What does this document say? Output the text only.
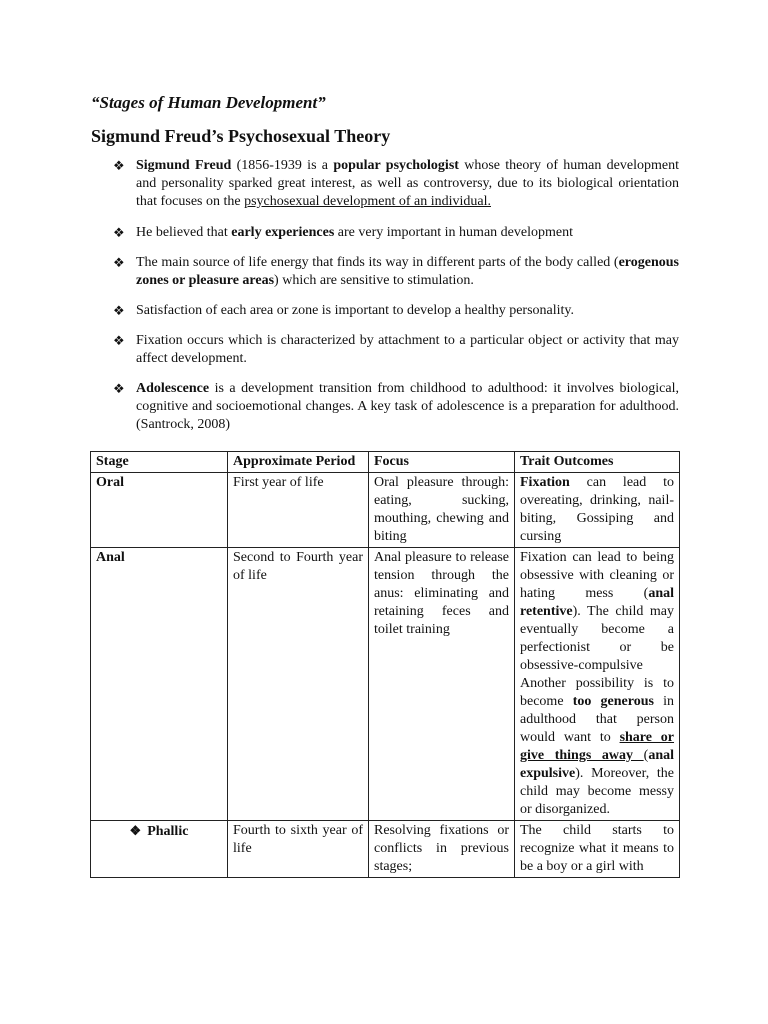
“Stages of Human Development”
Sigmund Freud’s Psychosexual Theory
❖ Sigmund Freud (1856-1939 is a popular psychologist whose theory of human development and personality sparked great interest, as well as controversy, due to its biological orientation that focuses on the psychosexual development of an individual.
❖ He believed that early experiences are very important in human development
❖ The main source of life energy that finds its way in different parts of the body called (erogenous zones or pleasure areas) which are sensitive to stimulation.
❖ Satisfaction of each area or zone is important to develop a healthy personality.
❖ Fixation occurs which is characterized by attachment to a particular object or activity that may affect development.
❖ Adolescence is a development transition from childhood to adulthood: it involves biological, cognitive and socioemotional changes. A key task of adolescence is a preparation for adulthood. (Santrock, 2008)
Stage	Approximate Period	Focus	Trait Outcomes
Oral	First year of life	Oral pleasure through: eating, sucking, mouthing, chewing and biting	Fixation can lead to overeating, drinking, nail-biting, Gossiping and cursing
Anal	Second to Fourth year of life	Anal pleasure to release tension through the anus: eliminating and retaining feces and toilet training	Fixation can lead to being obsessive with cleaning or hating mess (anal retentive). The child may eventually become a perfectionist or be obsessive-compulsive Another possibility is to become too generous in adulthood that person would want to share or give things away (anal expulsive). Moreover, the child may become messy or disorganized.
❖ Phallic	Fourth to sixth year of life	Resolving fixations or conflicts in previous stages;	The child starts to recognize what it means to be a boy or a girl with
